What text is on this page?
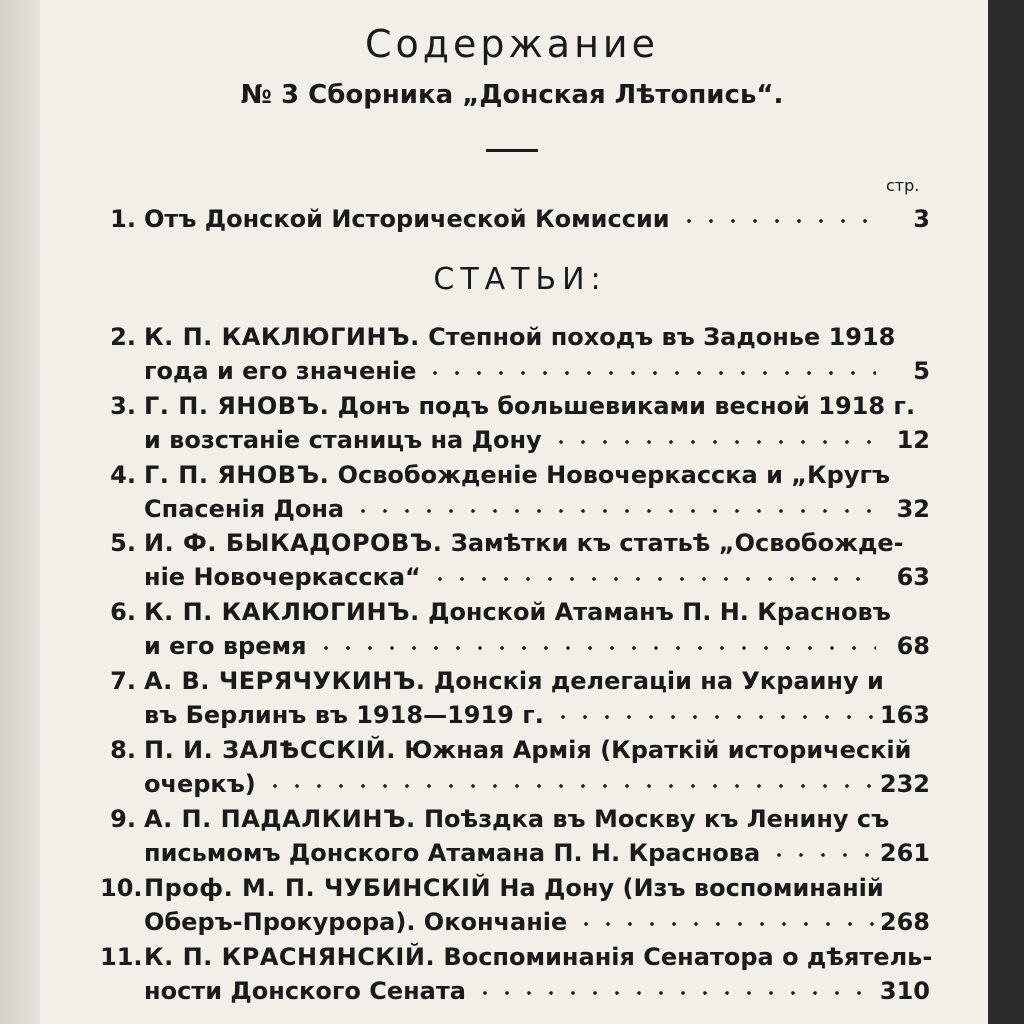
Содержание
№ 3 Сборника „Донская Лѣтопись“.
стр.
1. Отъ Донской Исторической Комиссии	3
СТАТЬИ:
2. К. П. КАКЛЮГИНЪ. Степной походъ въ Задонье 1918
года и его значеніе	5
3. Г. П. ЯНОВЪ. Донъ подъ большевиками весной 1918 г.
и возстаніе станицъ на Дону	12
4. Г. П. ЯНОВЪ. Освобожденіе Новочеркасска и „Кругъ
Спасенія Дона	32
5. И. Ф. БЫКАДОРОВЪ. Замѣтки къ статьѣ „Освобожде-
ніе Новочеркасска“	63
6. К. П. КАКЛЮГИНЪ. Донской Атаманъ П. Н. Красновъ
и его время	68
7. А. В. ЧЕРЯЧУКИНЪ. Донскія делегаціи на Украину и
въ Берлинъ въ 1918—1919 г.	163
8. П. И. ЗАЛѢССКІЙ. Южная Армія (Краткій историческій
очеркъ)	232
9. А. П. ПАДАЛКИНЪ. Поѣздка въ Москву къ Ленину съ
письмомъ Донского Атамана П. Н. Краснова	261
10. Проф. М. П. ЧУБИНСКІЙ На Дону (Изъ воспоминаній
Оберъ-Прокурора). Окончаніе	268
11. К. П. КРАСНЯНСКІЙ. Воспоминанія Сенатора о дѣятель-
ности Донского Сената	310
